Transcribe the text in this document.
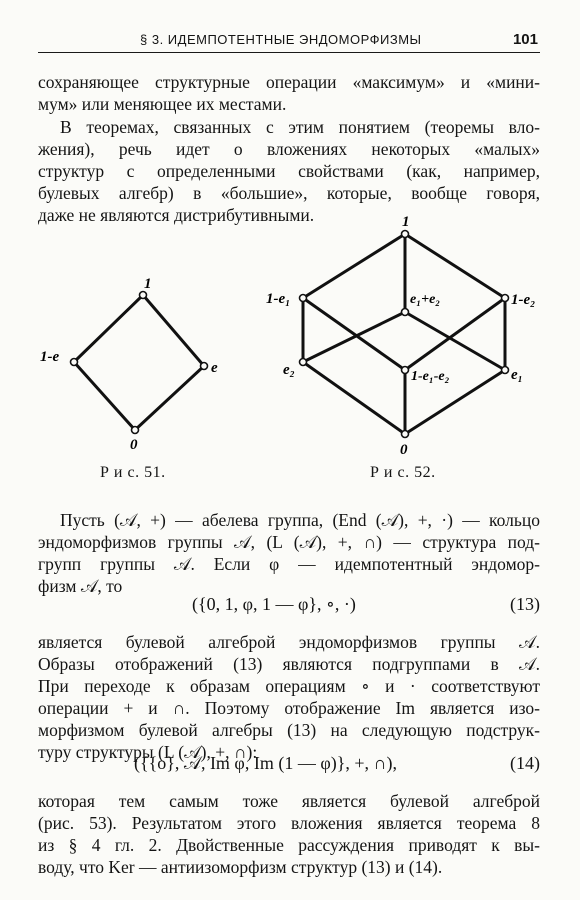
§ 3. ИДЕМПОТЕНТНЫЕ ЭНДОМОРФИЗМЫ	101
сохраняющее структурные операции «максимум» и «мини-
мум» или меняющее их местами.
В теоремах, связанных с этим понятием (теоремы вло-
жения), речь идет о вложениях некоторых «малых»
структур с определенными свойствами (как, например,
булевых алгебр) в «большие», которые, вообще говоря,
даже не являются дистрибутивными.
1
1-e
e
0
1
1-e₁	e₁+e₂	1-e₂
e₂	1-e₁-e₂	e₁
0
Р и с. 51.	Р и с. 52.
Пусть (𝒜, +) — абелева группа, (End (𝒜), +, ·) — кольцо
эндоморфизмов группы 𝒜, (L (𝒜), +, ∩) — структура под-
групп группы 𝒜. Если φ — идемпотентный эндомор-
физм 𝒜, то
({0, 1, φ, 1 — φ}, ∘, ·)	(13)
является булевой алгеброй эндоморфизмов группы 𝒜.
Образы отображений (13) являются подгруппами в 𝒜.
При переходе к образам операциям ∘ и · соответствуют
операции + и ∩. Поэтому отображение Im является изо-
морфизмом булевой алгебры (13) на следующую подструк-
туру структуры (L (𝒜), +, ∩):
({{o}, 𝒜, Im φ, Im (1 — φ)}, +, ∩),	(14)
которая тем самым тоже является булевой алгеброй
(рис. 53). Результатом этого вложения является теорема 8
из § 4 гл. 2. Двойственные рассуждения приводят к вы-
воду, что Ker — антиизоморфизм структур (13) и (14).
